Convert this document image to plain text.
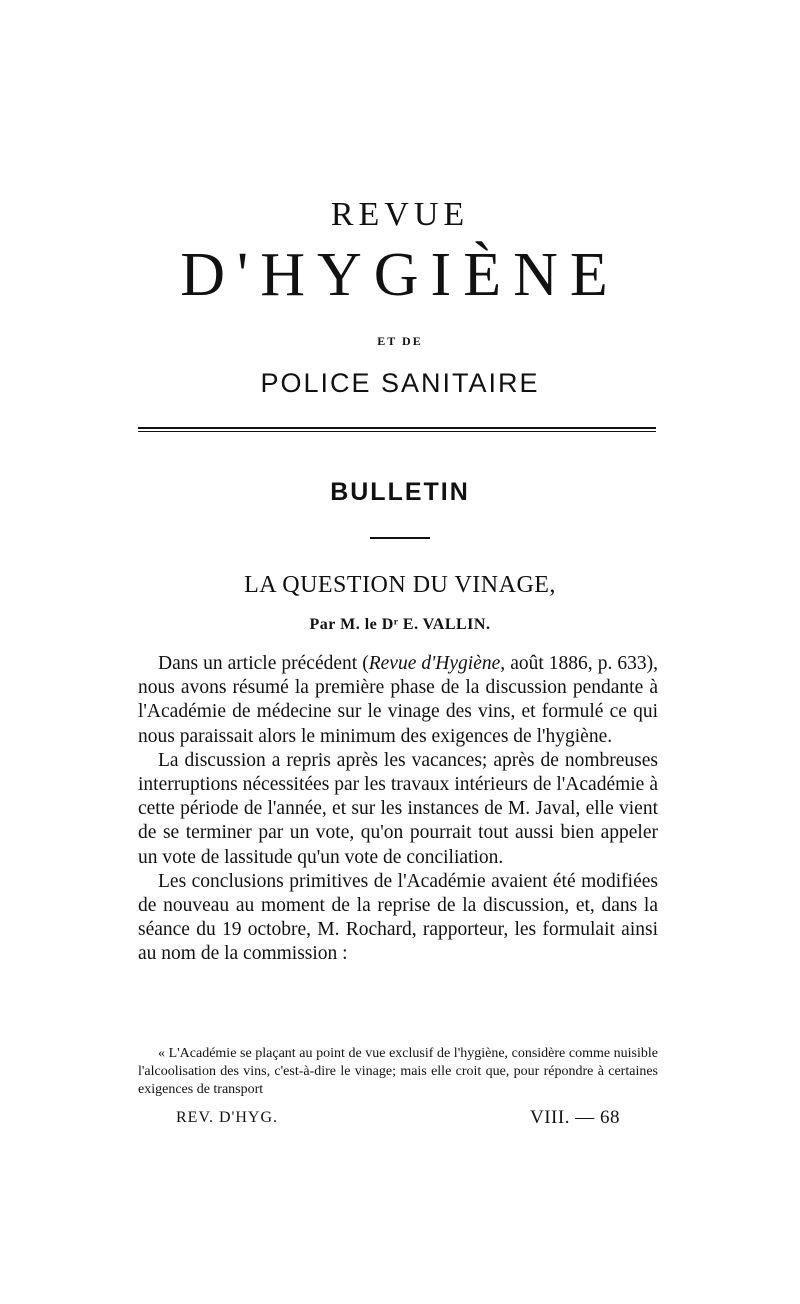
REVUE
D'HYGIÈNE
ET DE
POLICE SANITAIRE
BULLETIN
LA QUESTION DU VINAGE,
Par M. le Dʳ E. VALLIN.

Dans un article précédent (Revue d'Hygiène, août 1886, p. 633), nous avons résumé la première phase de la discussion pendante à l'Académie de médecine sur le vinage des vins, et formulé ce qui nous paraissait alors le minimum des exigences de l'hygiène.

La discussion a repris après les vacances; après de nombreuses interruptions nécessitées par les travaux intérieurs de l'Académie à cette période de l'année, et sur les instances de M. Javal, elle vient de se terminer par un vote, qu'on pourrait tout aussi bien appeler un vote de lassitude qu'un vote de conciliation.

Les conclusions primitives de l'Académie avaient été modifiées de nouveau au moment de la reprise de la discussion, et, dans la séance du 19 octobre, M. Rochard, rapporteur, les formulait ainsi au nom de la commission :

« L'Académie se plaçant au point de vue exclusif de l'hygiène, considère comme nuisible l'alcoolisation des vins, c'est-à-dire le vinage; mais elle croit que, pour répondre à certaines exigences de transport

REV. D'HYG.	VIII. — 68
